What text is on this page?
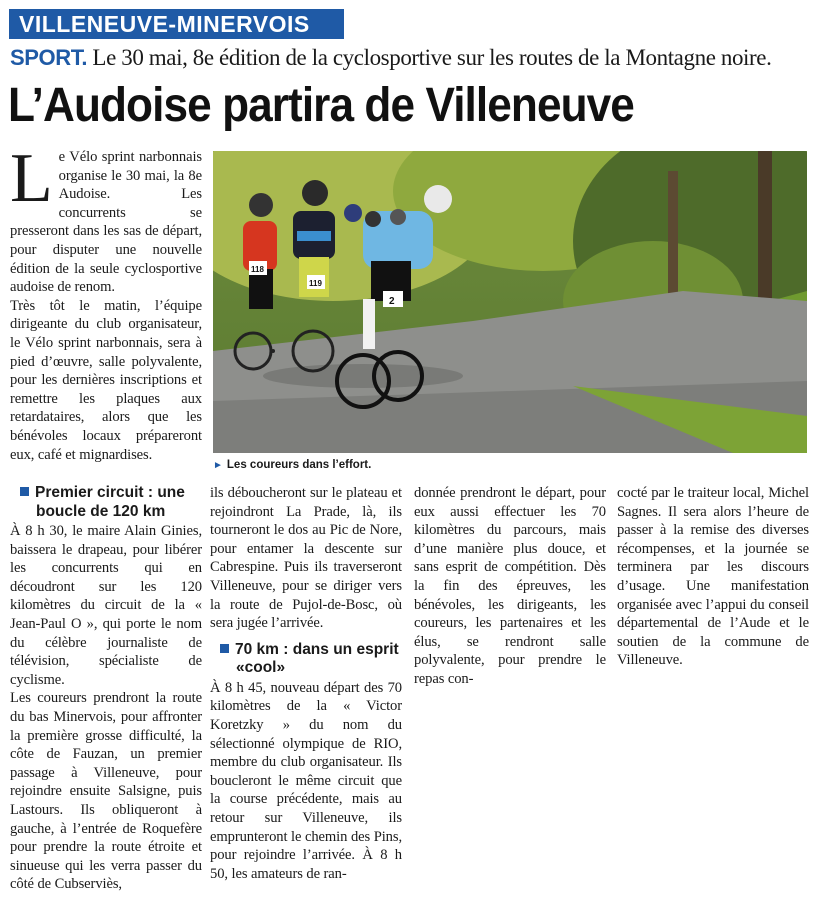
VILLENEUVE-MINERVOIS
SPORT. Le 30 mai, 8e édition de la cyclosportive sur les routes de la Montagne noire.
L’Audoise partira de Villeneuve

Le Vélo sprint narbonnais organise le 30 mai, la 8e Audoise. Les concurrents se presseront dans les sas de départ, pour disputer une nouvelle édition de la seule cyclosportive audoise de renom.

Très tôt le matin, l’équipe dirigeante du club organisateur, le Vélo sprint narbonnais, sera à pied d’œuvre, salle polyvalente, pour les dernières inscriptions et remettre les plaques aux retardataires, alors que les bénévoles locaux prépareront eux, café et mignardises.

118
119
2
► Les coureurs dans l’effort.
Premier circuit : une boucle de 120 km

À 8 h 30, le maire Alain Ginies, baissera le drapeau, pour libérer les concurrents qui en découdront sur les 120 kilomètres du circuit de la « Jean-Paul O », qui porte le nom du célèbre journaliste de télévision, spécialiste de cyclisme.

Les coureurs prendront la route du bas Minervois, pour affronter la première grosse difficulté, la côte de Fauzan, un premier passage à Villeneuve, pour rejoindre ensuite Salsigne, puis Lastours. Ils obliqueront à gauche, à l’entrée de Roquefère pour prendre la route étroite et sinueuse qui les verra passer du côté de Cubserviès,

ils déboucheront sur le plateau et rejoindront La Prade, là, ils tourneront le dos au Pic de Nore, pour entamer la descente sur Cabrespine. Puis ils traverseront Villeneuve, pour se diriger vers la route de Pujol-de-Bosc, où sera jugée l’arrivée.

70 km : dans un esprit «cool»

À 8 h 45, nouveau départ des 70 kilomètres de la « Victor Koretzky » du nom du sélectionné olympique de RIO, membre du club organisateur. Ils boucleront le même circuit que la course précédente, mais au retour sur Villeneuve, ils emprunteront le chemin des Pins, pour rejoindre l’arrivée. À 8 h 50, les amateurs de ran-

donnée prendront le départ, pour eux aussi effectuer les 70 kilomètres du parcours, mais d’une manière plus douce, et sans esprit de compétition. Dès la fin des épreuves, les bénévoles, les dirigeants, les coureurs, les partenaires et les élus, se rendront salle polyvalente, pour prendre le repas con-

cocté par le traiteur local, Michel Sagnes. Il sera alors l’heure de passer à la remise des diverses récompenses, et la journée se terminera par les discours d’usage. Une manifestation organisée avec l’appui du conseil départemental de l’Aude et le soutien de la commune de Villeneuve.
